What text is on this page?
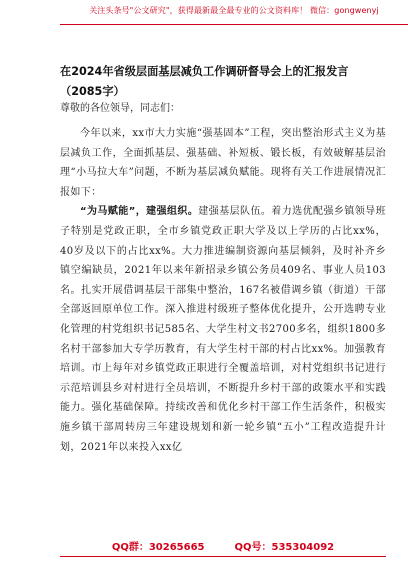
关注头条号"公文研究"，获得最新最全最专业的公文资料库！ 微信：gongwenyj
在2024年省级层面基层减负工作调研督导会上的汇报发言
（2085字）
尊敬的各位领导，同志们：

今年以来，xx市大力实施“强基固本”工程，突出整治形式主义为基层减负工作，全面抓基层、强基础、补短板、锻长板，有效破解基层治理“小马拉大车”问题，不断为基层减负赋能。现将有关工作进展情况汇报如下：

“为马赋能”，建强组织。建强基层队伍。着力选优配强乡镇领导班子特别是党政正职，全市乡镇党政正职大学及以上学历的占比xx%，40岁及以下的占比xx%。大力推进编制资源向基层倾斜，及时补齐乡镇空编缺员，2021年以来年新招录乡镇公务员409名、事业人员103名。扎实开展借调基层干部集中整治，167名被借调乡镇（街道）干部全部返回原单位工作。深入推进村级班子整体优化提升，公开选聘专业化管理的村党组织书记585名、大学生村文书2700多名，组织1800多名村干部参加大专学历教育，有大学生村干部的村占比xx%。加强教育培训。市上每年对乡镇党政正职进行全覆盖培训，对村党组织书记进行示范培训县乡对村进行全员培训，不断提升乡村干部的政策水平和实践能力。强化基础保障。持续改善和优化乡村干部工作生活条件，积极实施乡镇干部周转房三年建设规划和新一轮乡镇“五小”工程改造提升计划，2021年以来投入xx亿

QQ群：30265665	QQ号：535304092
